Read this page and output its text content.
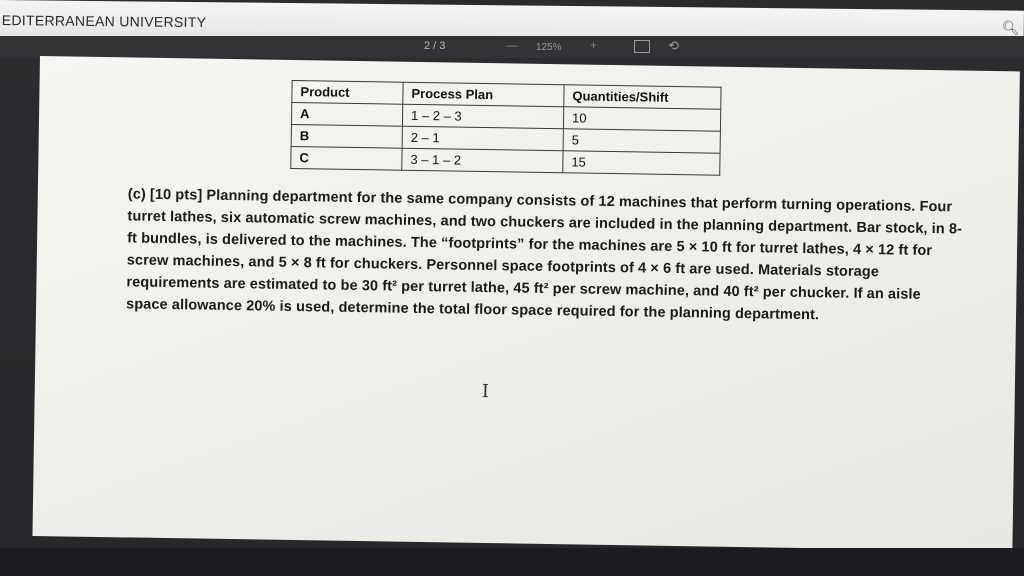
EDITERRANEAN UNIVERSITY	🔍︎
2 / 3	— 125% +	⟲
Product	Process Plan	Quantities/Shift
A	1 – 2 – 3	10
B	2 – 1	5
C	3 – 1 – 2	15

(c) [10 pts] Planning department for the same company consists of 12 machines that perform turning operations. Four turret lathes, six automatic screw machines, and two chuckers are included in the planning department. Bar stock, in 8-ft bundles, is delivered to the machines. The “footprints” for the machines are 5 × 10 ft for turret lathes, 4 × 12 ft for screw machines, and 5 × 8 ft for chuckers. Personnel space footprints of 4 × 6 ft are used. Materials storage requirements are estimated to be 30 ft² per turret lathe, 45 ft² per screw machine, and 40 ft² per chucker. If an aisle space allowance 20% is used, determine the total floor space required for the planning department.

I
